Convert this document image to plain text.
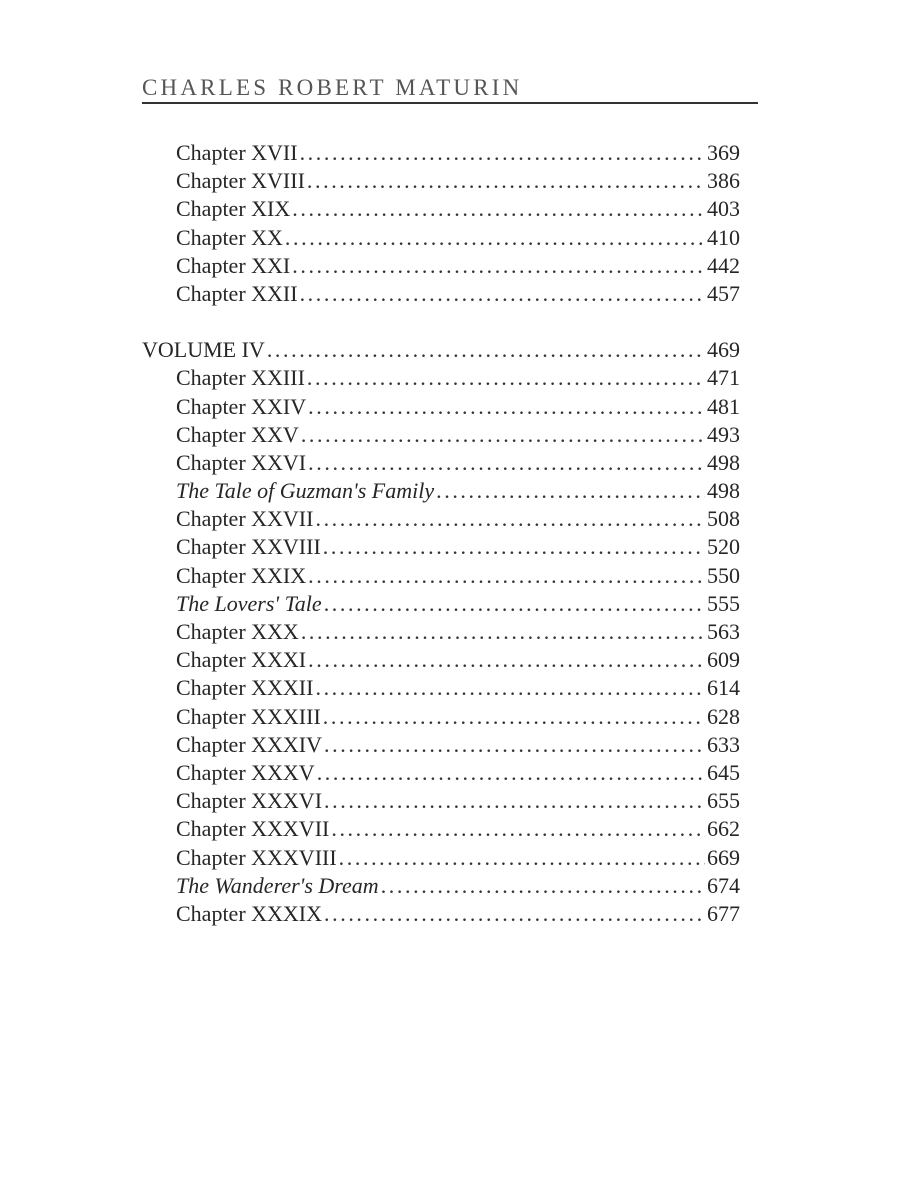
CHARLES ROBERT MATURIN
Chapter XVII .....	369
Chapter XVIII .....	386
Chapter XIX .....	403
Chapter XX .....	410
Chapter XXI .....	442
Chapter XXII .....	457
VOLUME IV .....	469
Chapter XXIII .....	471
Chapter XXIV .....	481
Chapter XXV .....	493
Chapter XXVI .....	498
The Tale of Guzman's Family .....	498
Chapter XXVII .....	508
Chapter XXVIII .....	520
Chapter XXIX .....	550
The Lovers' Tale .....	555
Chapter XXX .....	563
Chapter XXXI .....	609
Chapter XXXII .....	614
Chapter XXXIII .....	628
Chapter XXXIV .....	633
Chapter XXXV .....	645
Chapter XXXVI .....	655
Chapter XXXVII .....	662
Chapter XXXVIII .....	669
The Wanderer's Dream .....	674
Chapter XXXIX .....	677
